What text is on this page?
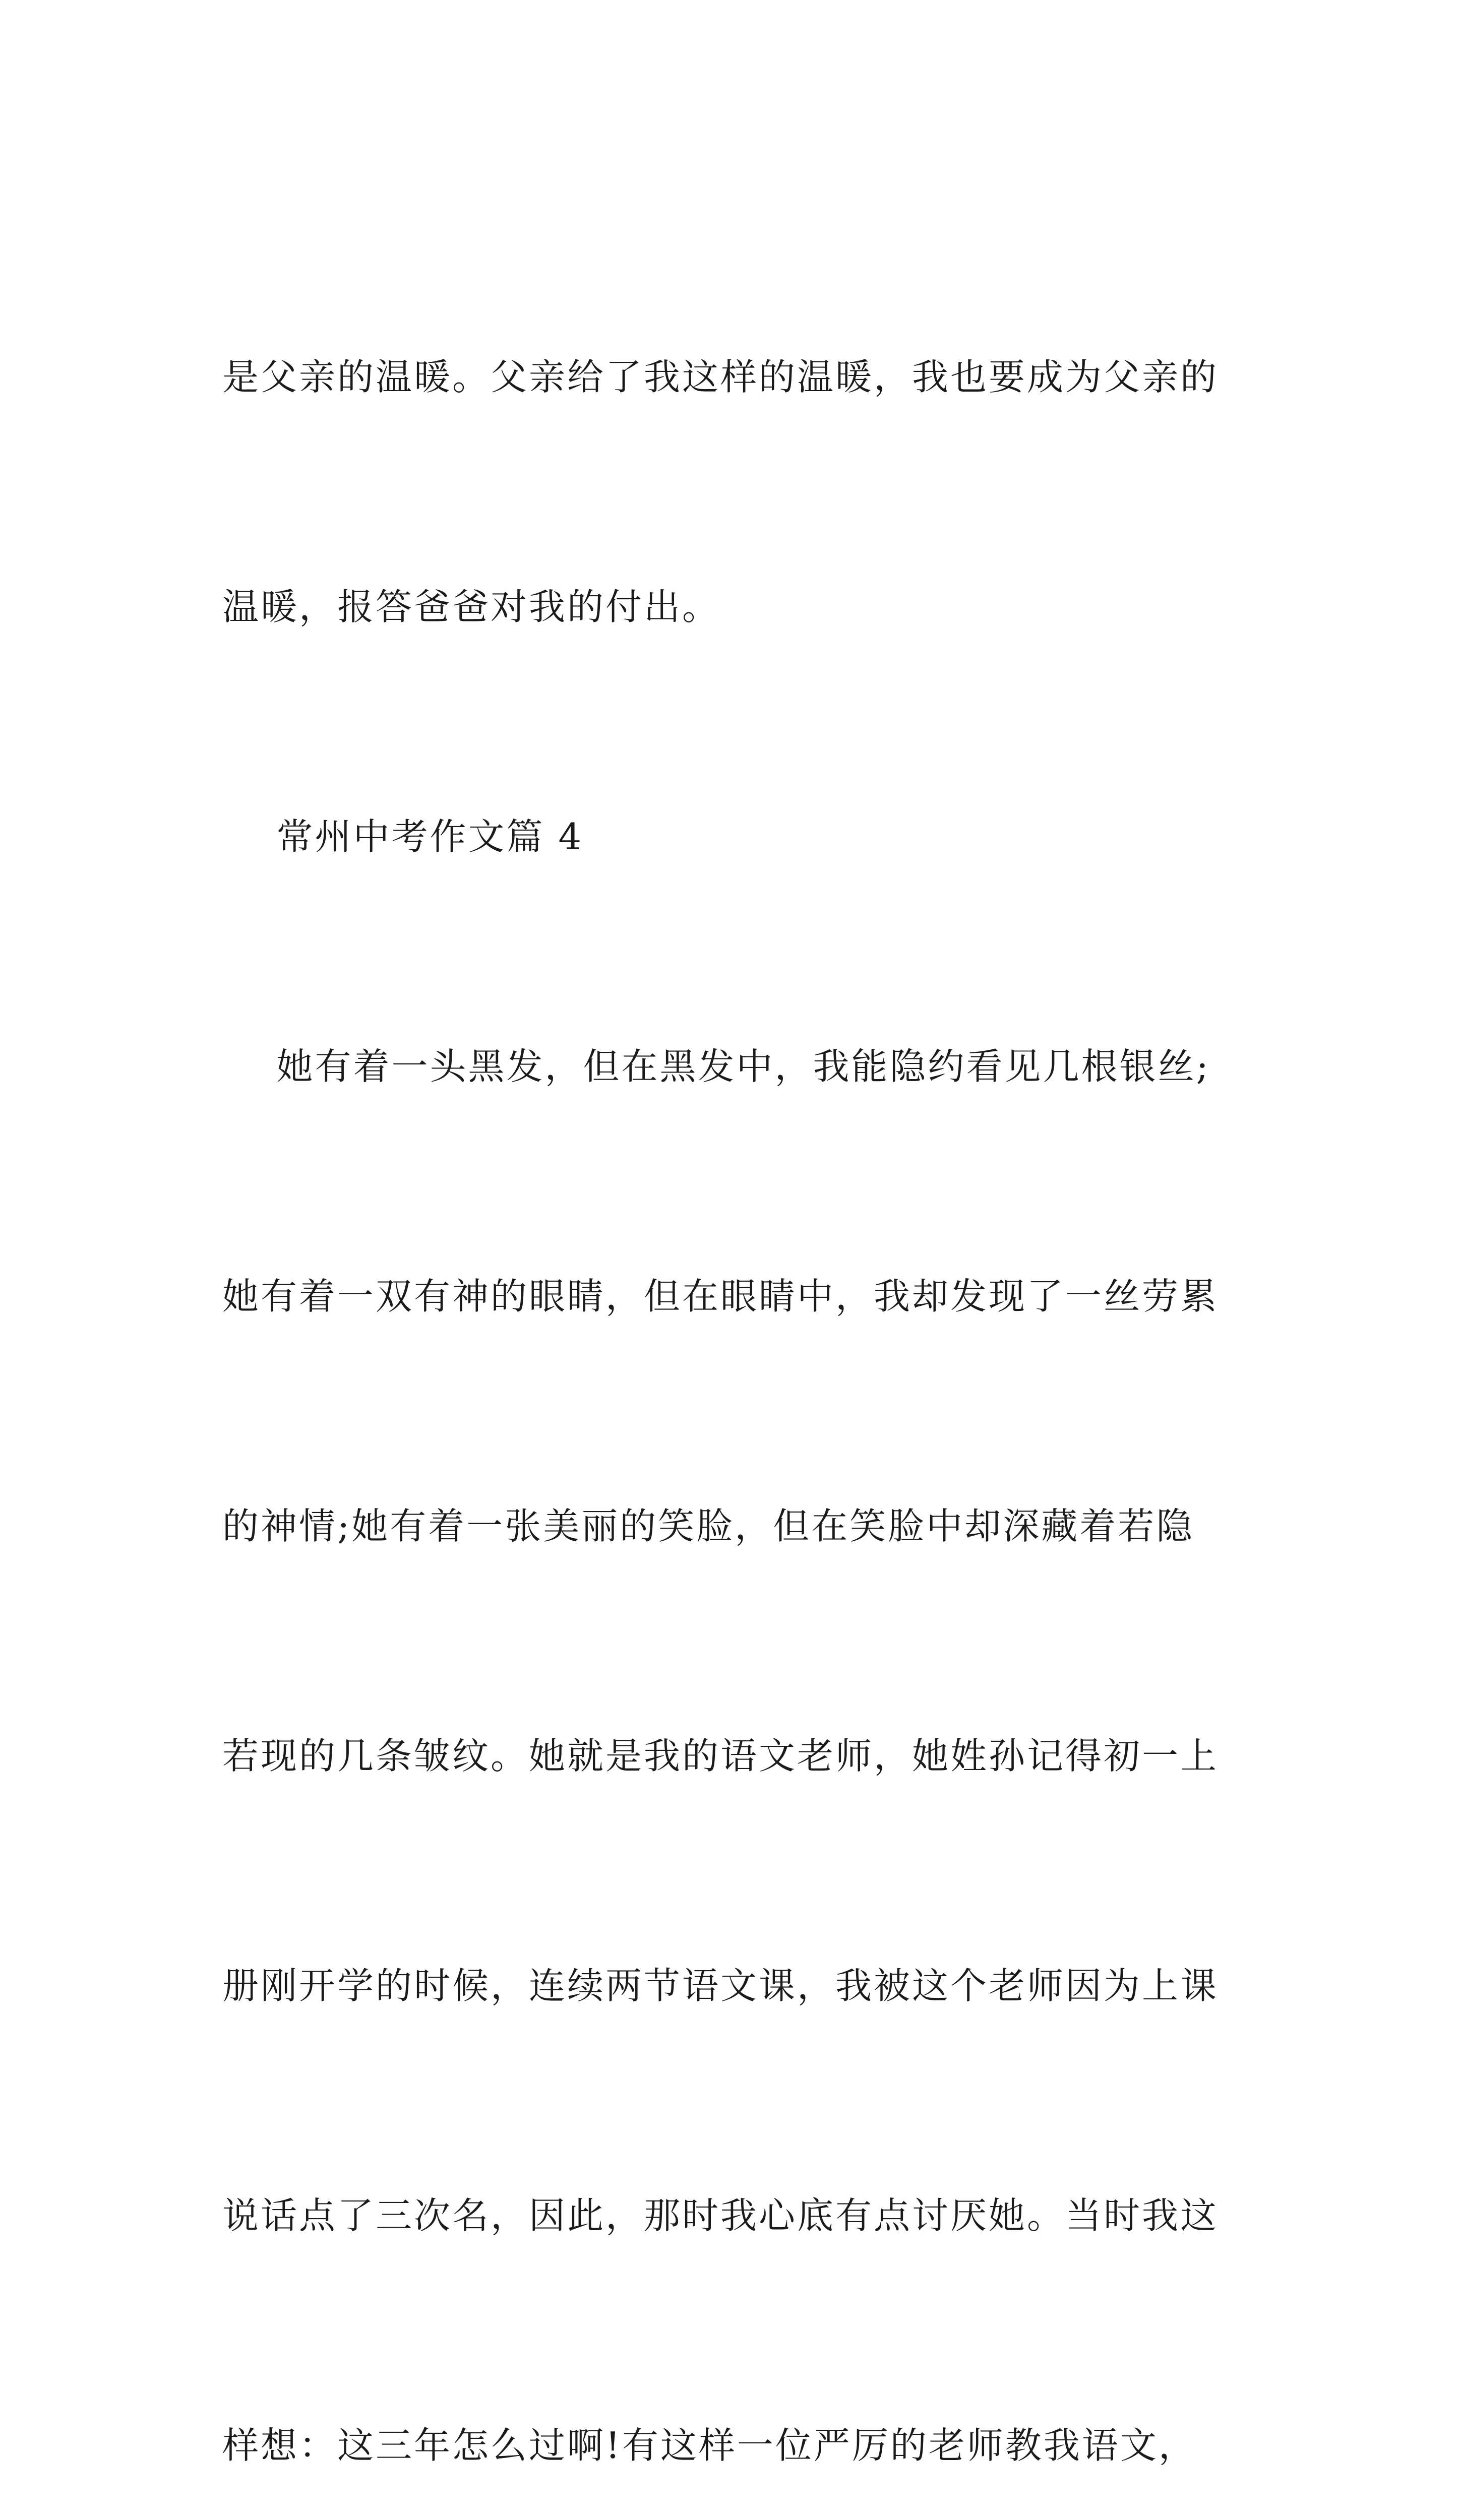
是父亲的温暖。父亲给了我这样的温暖，我也要成为父亲的

温暖，报答爸爸对我的付出。

常州中考作文篇 4

她有着一头黑发，但在黑发中，我能隐约看见几根银丝;

她有着一双有神的眼睛，但在眼睛中，我却发现了一丝劳累

的神情;她有着一张美丽的笑脸，但在笑脸中却深藏着若隐

若现的几条皱纹。她就是我的语文老师，她姓孙记得初一上

册刚开学的时候，连续两节语文课，我被这个老师因为上课

说话点了三次名，因此，那时我心底有点讨厌她。当时我这

样想：这三年怎么过啊!有这样一位严厉的老师教我语文，
